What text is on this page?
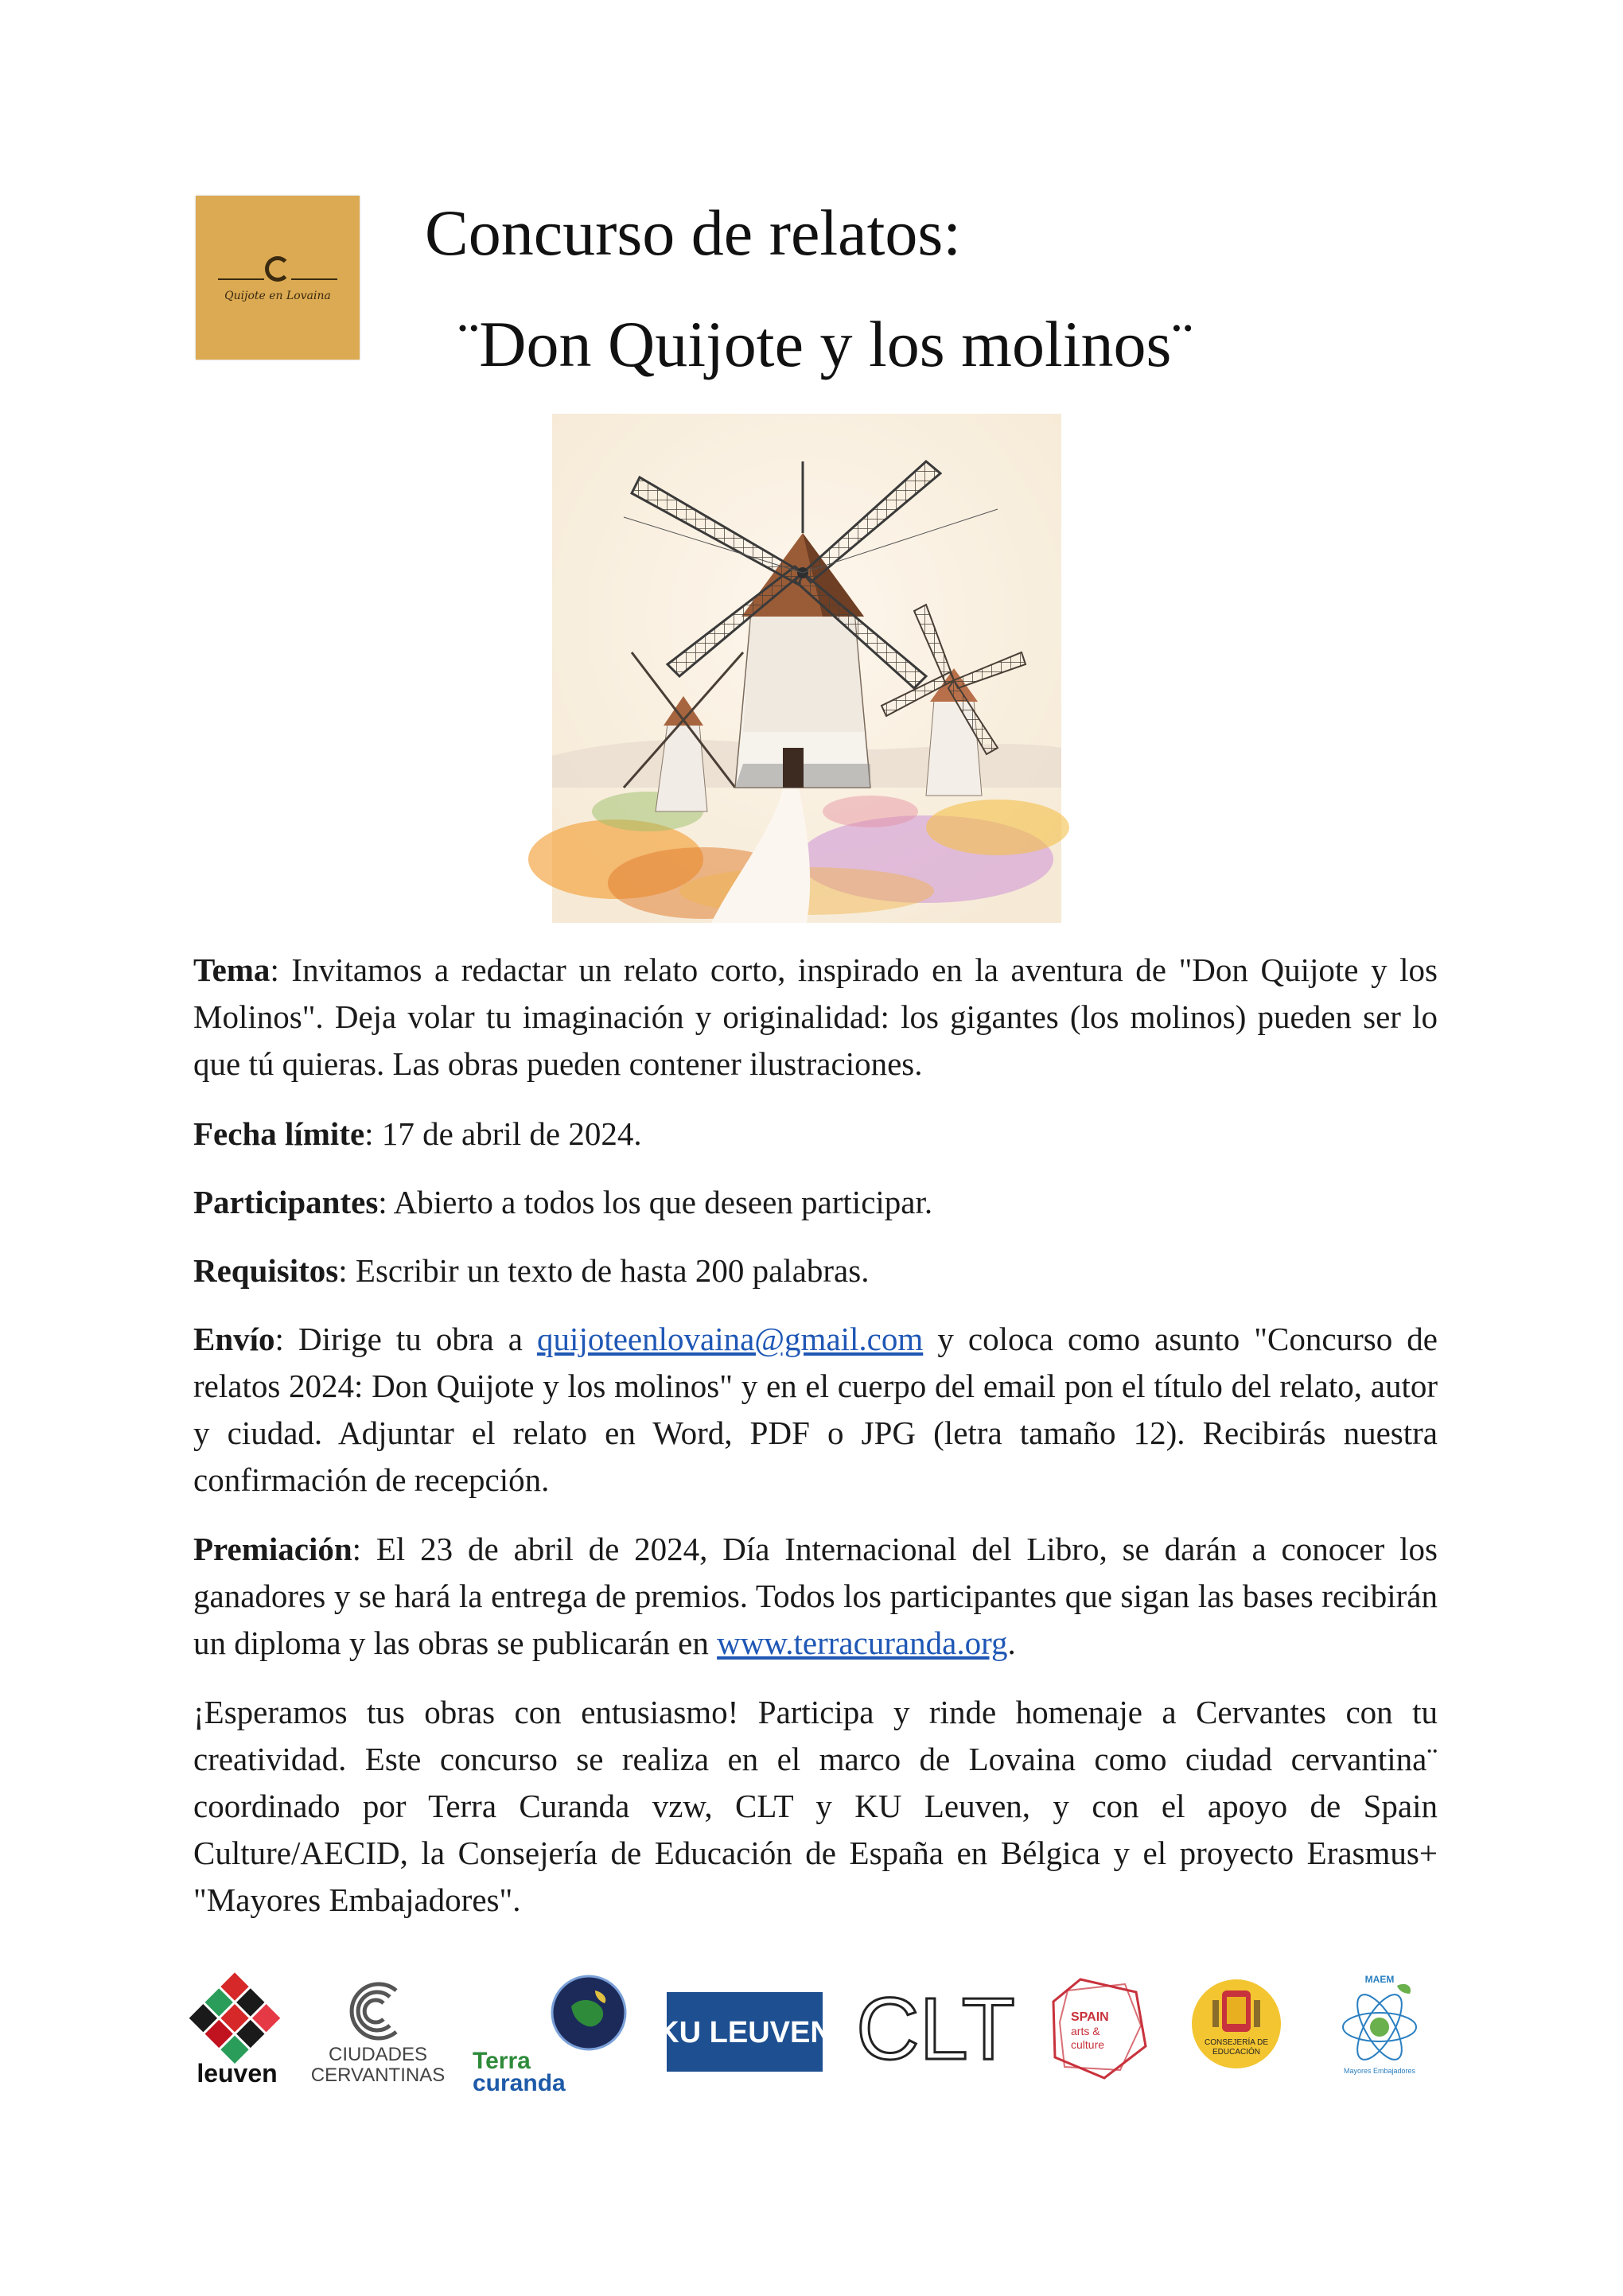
Quijote en Lovaina
Concurso de relatos:
¨Don Quijote y los molinos¨
Tema: Invitamos a redactar un relato corto, inspirado en la aventura de "Don Quijote y los Molinos". Deja volar tu imaginación y originalidad: los gigantes (los molinos) pueden ser lo que tú quieras. Las obras pueden contener ilustraciones.
Fecha límite: 17 de abril de 2024.
Participantes: Abierto a todos los que deseen participar.
Requisitos: Escribir un texto de hasta 200 palabras.
Envío: Dirige tu obra a quijoteenlovaina@gmail.com y coloca como asunto "Concurso de relatos 2024: Don Quijote y los molinos" y en el cuerpo del email pon el título del relato, autor y ciudad. Adjuntar el relato en Word, PDF o JPG (letra tamaño 12). Recibirás nuestra confirmación de recepción.
Premiación: El 23 de abril de 2024, Día Internacional del Libro, se darán a conocer los ganadores y se hará la entrega de premios. Todos los participantes que sigan las bases recibirán un diploma y las obras se publicarán en www.terracuranda.org.
¡Esperamos tus obras con entusiasmo! Participa y rinde homenaje a Cervantes con tu creatividad. Este concurso se realiza en el marco de Lovaina como ciudad cervantina¨ coordinado por Terra Curanda vzw, CLT y KU Leuven, y con el apoyo de Spain Culture/AECID, la Consejería de Educación de España en Bélgica y el proyecto Erasmus+ "Mayores Embajadores".
leuven
CIUDADES
CERVANTINAS
Terra
curanda
KU LEUVEN CLT	SPAIN
arts &
culture	CONSEJERÍA DE
EDUCACIÓN
MAEM
Mayores Embajadores
